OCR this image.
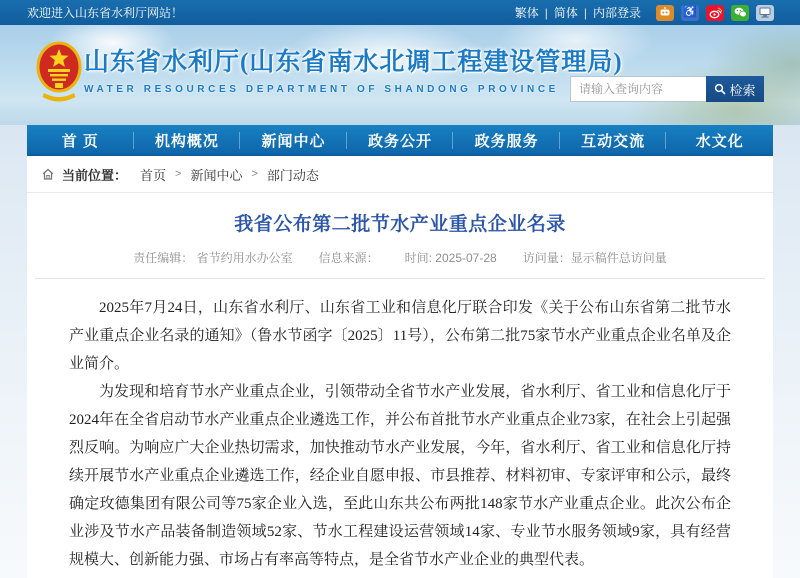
欢迎进入山东省水利厅网站！	繁体 | 简体 | 内部登录	♿
山东省水利厅(山东省南水北调工程建设管理局)
WATER RESOURCES DEPARTMENT OF SHANDONG PROVINCE
请输入查询内容	检索
首 页	机构概况	新闻中心	政务公开	政务服务	互动交流	水文化
当前位置： 首页 > 新闻中心 > 部门动态
我省公布第二批节水产业重点企业名录
责任编辑： 省节约用水办公室 信息来源： 时间: 2025-07-28 访问量：显示稿件总访问量

2025年7月24日，山东省水利厅、山东省工业和信息化厅联合印发《关于公布山东省第二批节水产业重点企业名录的通知》（鲁水节函字〔2025〕11号），公布第二批75家节水产业重点企业名单及企业简介。

为发现和培育节水产业重点企业，引领带动全省节水产业发展，省水利厅、省工业和信息化厅于2024年在全省启动节水产业重点企业遴选工作，并公布首批节水产业重点企业73家，在社会上引起强烈反响。为响应广大企业热切需求，加快推动节水产业发展，今年，省水利厅、省工业和信息化厅持续开展节水产业重点企业遴选工作，经企业自愿申报、市县推荐、材料初审、专家评审和公示，最终确定玫德集团有限公司等75家企业入选，至此山东共公布两批148家节水产业重点企业。此次公布企业涉及节水产品装备制造领域52家、节水工程建设运营领域14家、专业节水服务领域9家，具有经营规模大、创新能力强、市场占有率高等特点，是全省节水产业企业的典型代表。
